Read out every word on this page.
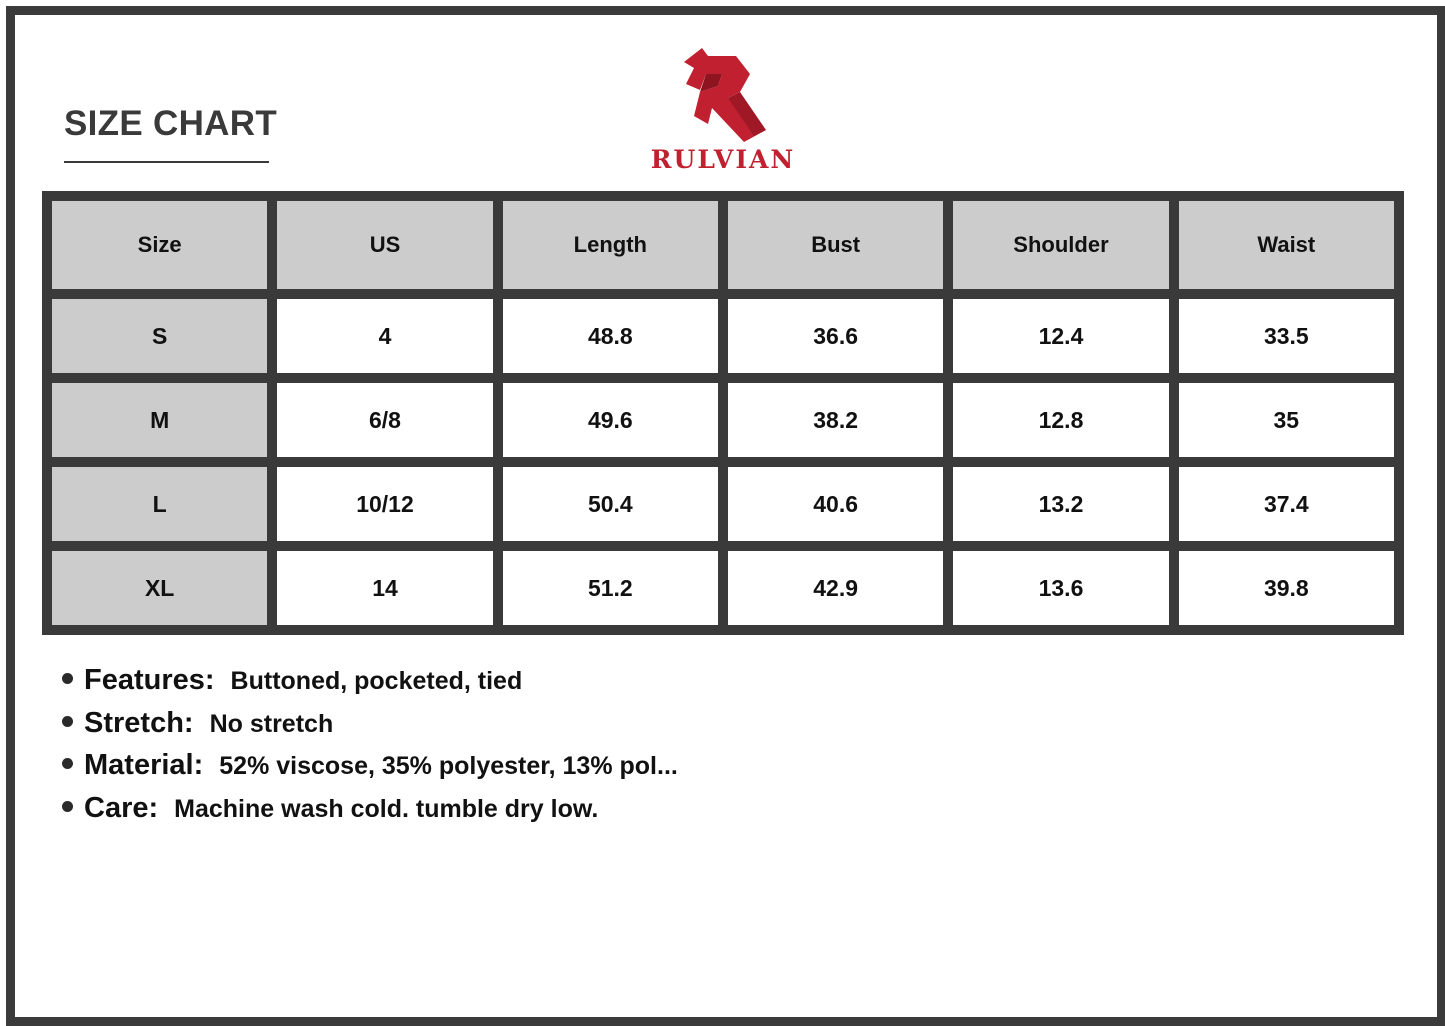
SIZE CHART
RULVIAN
Size	US	Length	Bust	Shoulder	Waist
S	4	48.8	36.6	12.4	33.5
M	6/8	49.6	38.2	12.8	35
L	10/12	50.4	40.6	13.2	37.4
XL	14	51.2	42.9	13.6	39.8
Features: Buttoned, pocketed, tied
Stretch: No stretch
Material: 52% viscose, 35% polyester, 13% pol...
Care: Machine wash cold. tumble dry low.
